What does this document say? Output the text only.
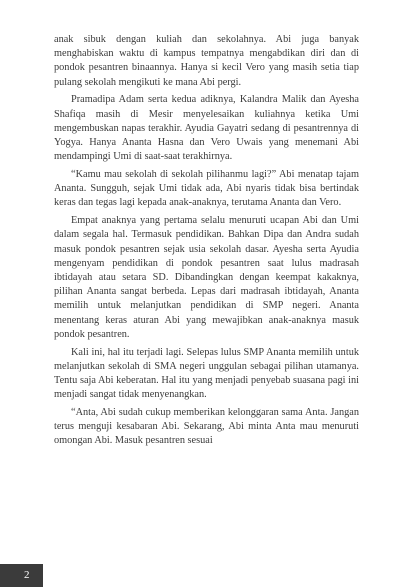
anak sibuk dengan kuliah dan sekolahnya. Abi juga banyak menghabiskan waktu di kampus tempatnya mengabdikan diri dan di pondok pesantren binaannya. Hanya si kecil Vero yang masih setia tiap pulang sekolah mengikuti ke mana Abi pergi.

Pramadipa Adam serta kedua adiknya, Kalandra Malik dan Ayesha Shafiqa masih di Mesir menyelesaikan kuliahnya ketika Umi mengembuskan napas terakhir. Ayudia Gayatri sedang di pesantrennya di Yogya. Hanya Ananta Hasna dan Vero Uwais yang menemani Abi mendampingi Umi di saat-saat terakhirnya.

“Kamu mau sekolah di sekolah pilihanmu lagi?” Abi menatap tajam Ananta. Sungguh, sejak Umi tidak ada, Abi nyaris tidak bisa bertindak keras dan tegas lagi kepada anak-anaknya, terutama Ananta dan Vero.

Empat anaknya yang pertama selalu menuruti ucapan Abi dan Umi dalam segala hal. Termasuk pendidikan. Bahkan Dipa dan Andra sudah masuk pondok pesantren sejak usia sekolah dasar. Ayesha serta Ayudia mengenyam pendidikan di pondok pesantren saat lulus madrasah ibtidayah atau setara SD. Dibandingkan dengan keempat kakaknya, pilihan Ananta sangat berbeda. Lepas dari madrasah ibtidayah, Ananta memilih untuk melanjutkan pendidikan di SMP negeri. Ananta menentang keras aturan Abi yang mewajibkan anak-anaknya masuk pondok pesantren.

Kali ini, hal itu terjadi lagi. Selepas lulus SMP Ananta memilih untuk melanjutkan sekolah di SMA negeri unggulan sebagai pilihan utamanya. Tentu saja Abi keberatan. Hal itu yang menjadi penyebab suasana pagi ini menjadi sangat tidak menyenangkan.

“Anta, Abi sudah cukup memberikan kelonggaran sama Anta. Jangan terus menguji kesabaran Abi. Sekarang, Abi minta Anta mau menuruti omongan Abi. Masuk pesantren sesuai

2
